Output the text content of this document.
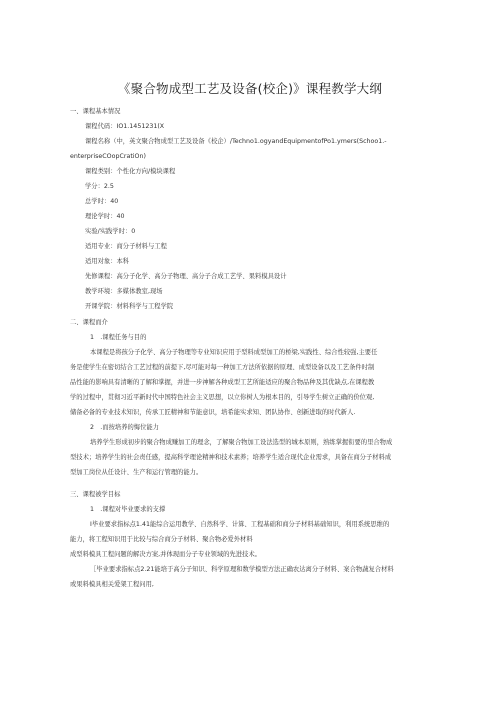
《聚合物成型工艺及设备(校企)》课程教学大纲
一、课程基本情况
课程代码：IO1.1451231(X
课程名称（中，英文聚合物成型工艺及设备《校企）/Techno1.ogyandEquipmentofPo1.ymers(Schoo1.-
enterpriseCOopCratiOn)
课程类别：个性化方向/模块课程
学分：2.5
总学时：40
理论学时：40
实验/实践学时：0
适用专业：商分子材料与工程
适用对象：本科
先修课程：高分子化学、高分子物理、高分子合成工艺学、果料模具设计
教学环境：多媒体教室,现场
开课学院：材料科学与工程学院
二、课程而介
1　.课程任务与目的
本课程是将孩分子化学、高分子物理等专业知识应用于型料成型加工的桥梁,实践性、综合性较强,主要任
务是使学生在密切结合工艺过程的前提下,尽可能对每一种加工方法所依据的原理、成型设备以及工艺条件时制
品性能的影响具有清晰的了解和掌握，并进一步神解各种成型工艺所能适应的聚合物品种及其优缺点,在课程教
学的过程中，贯彻习近平新时代中国特色社会主义思想，以立你树人为根本目的，引导学生树立正确的价位观,
储备必备的专业技术知识，传承工匠精神和节能意识，培希能实求知、团队协作、创新进取的时代新人.
2　.而按培养的悔位能力
培养学生形成初步的聚合物成赚加工的理念，了解聚合物加工设法选型的城本原则，熟练掌握衔要的里合物成
型技术；培养学生的社会责任感，提高科学理论精神和技术素养；培养学生适合现代企业需求，具备在商分子材料成
型加工岗位从任设计、生产和运行管理的能力。
三、课程被学目标
1　.课程对毕业要求的支撑
I毕业要求指标点1.41能综合运用教学、自然科学、计算、工程基础和商分子材料基础知识，利用系统思维的
能力，将工程知识用于比较与综合商分子材料、聚合物必爱外材料
成型料模具工程问题的解决方案,并体现而分子专业领域的先进技术。
［毕业要求指标点2.21能培于高分子知识、科学原理和数学模型方法正确农达离分子材料、案合物蔬复合材料
或果料模具相关爱架工程问用,
